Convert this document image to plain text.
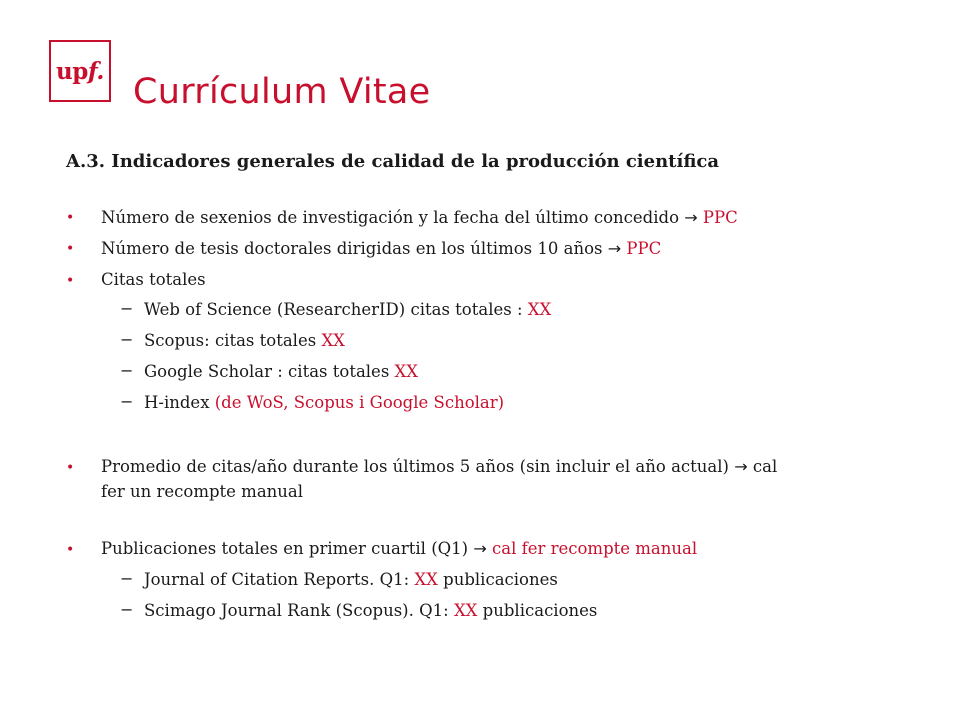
upf.
Currículum Vitae
A.3. Indicadores generales de calidad de la producción científica
• Número de sexenios de investigación y la fecha del último concedido → PPC
• Número de tesis doctorales dirigidas en los últimos 10 años → PPC
• Citas totales
− Web of Science (ResearcherID) citas totales : XX
− Scopus: citas totales XX
− Google Scholar : citas totales XX
− H-index (de WoS, Scopus i Google Scholar)
• Promedio de citas/año durante los últimos 5 años (sin incluir el año actual) → cal
fer un recompte manual
• Publicaciones totales en primer cuartil (Q1) → cal fer recompte manual
− Journal of Citation Reports. Q1: XX publicaciones
− Scimago Journal Rank (Scopus). Q1: XX publicaciones
